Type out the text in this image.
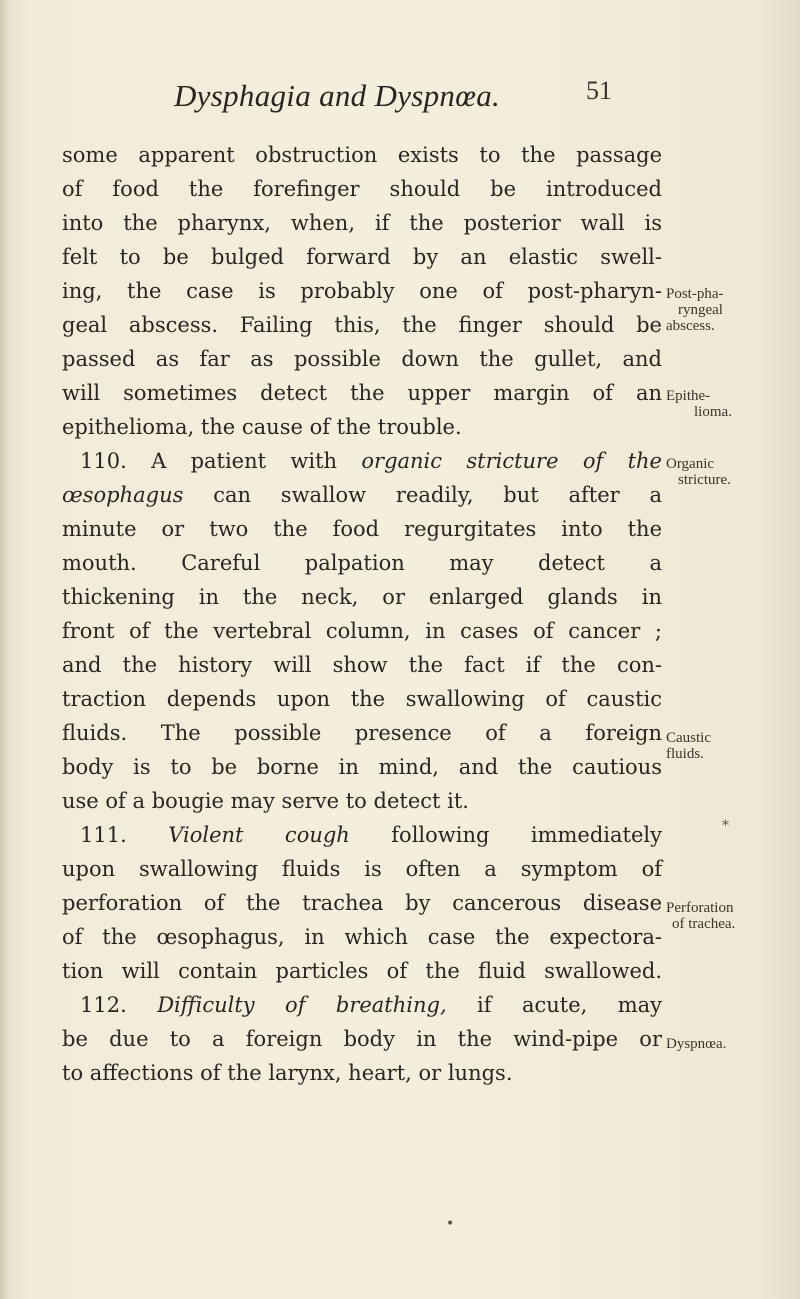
Dysphagia and Dyspnœa.	51
some apparent obstruction exists to the passage
of food the forefinger should be introduced
into the pharynx, when, if the posterior wall is
felt to be bulged forward by an elastic swell-
ing, the case is probably one of post-pharyn-
geal abscess. Failing this, the finger should be
passed as far as possible down the gullet, and
will sometimes detect the upper margin of an
epithelioma, the cause of the trouble.
110. A patient with organic stricture of the
œsophagus can swallow readily, but after a
minute or two the food regurgitates into the
mouth. Careful palpation may detect a
thickening in the neck, or enlarged glands in
front of the vertebral column, in cases of cancer ;
and the history will show the fact if the con-
traction depends upon the swallowing of caustic
fluids. The possible presence of a foreign
body is to be borne in mind, and the cautious
use of a bougie may serve to detect it.
111. Violent cough following immediately
upon swallowing fluids is often a symptom of
perforation of the trachea by cancerous disease
of the œsophagus, in which case the expectora-
tion will contain particles of the fluid swallowed.
112. Difficulty of breathing, if acute, may
be due to a foreign body in the wind-pipe or
to affections of the larynx, heart, or lungs.
Post-pha-
ryngeal
abscess.
Epithe-
lioma.
Organic
stricture.
Caustic
fluids.
Perforation
of trachea.
Dyspnœa.
*
•
